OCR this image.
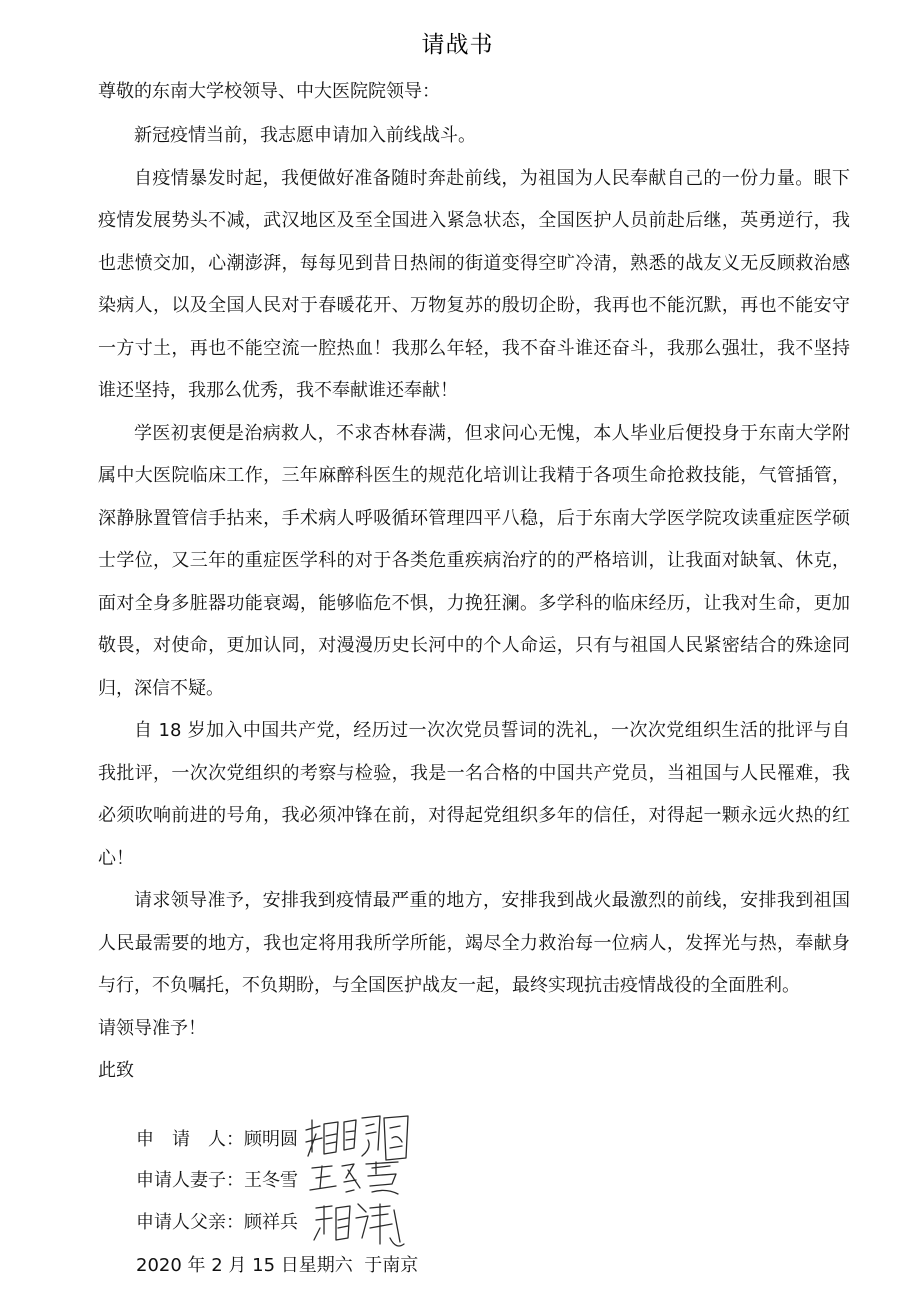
请战书
尊敬的东南大学校领导、中大医院院领导：

新冠疫情当前，我志愿申请加入前线战斗。

自疫情暴发时起，我便做好准备随时奔赴前线，为祖国为人民奉献自己的一份力量。眼下疫情发展势头不减，武汉地区及至全国进入紧急状态，全国医护人员前赴后继，英勇逆行，我也悲愤交加，心潮澎湃，每每见到昔日热闹的街道变得空旷冷清，熟悉的战友义无反顾救治感染病人，以及全国人民对于春暖花开、万物复苏的殷切企盼，我再也不能沉默，再也不能安守一方寸土，再也不能空流一腔热血！我那么年轻，我不奋斗谁还奋斗，我那么强壮，我不坚持谁还坚持，我那么优秀，我不奉献谁还奉献！

学医初衷便是治病救人，不求杏林春满，但求问心无愧，本人毕业后便投身于东南大学附属中大医院临床工作，三年麻醉科医生的规范化培训让我精于各项生命抢救技能，气管插管，深静脉置管信手拈来，手术病人呼吸循环管理四平八稳，后于东南大学医学院攻读重症医学硕士学位，又三年的重症医学科的对于各类危重疾病治疗的的严格培训，让我面对缺氧、休克，面对全身多脏器功能衰竭，能够临危不惧，力挽狂澜。多学科的临床经历，让我对生命，更加敬畏，对使命，更加认同，对漫漫历史长河中的个人命运，只有与祖国人民紧密结合的殊途同归，深信不疑。

自 18 岁加入中国共产党，经历过一次次党员誓词的洗礼，一次次党组织生活的批评与自我批评，一次次党组织的考察与检验，我是一名合格的中国共产党员，当祖国与人民罹难，我必须吹响前进的号角，我必须冲锋在前，对得起党组织多年的信任，对得起一颗永远火热的红心！

请求领导准予，安排我到疫情最严重的地方，安排我到战火最激烈的前线，安排我到祖国人民最需要的地方，我也定将用我所学所能，竭尽全力救治每一位病人，发挥光与热，奉献身与行，不负嘱托，不负期盼，与全国医护战友一起，最终实现抗击疫情战役的全面胜利。

请领导准予！

此致

申　请　人：顾明圆
申请人妻子：王冬雪
申请人父亲：顾祥兵
2020 年 2 月 15 日星期六  于南京
